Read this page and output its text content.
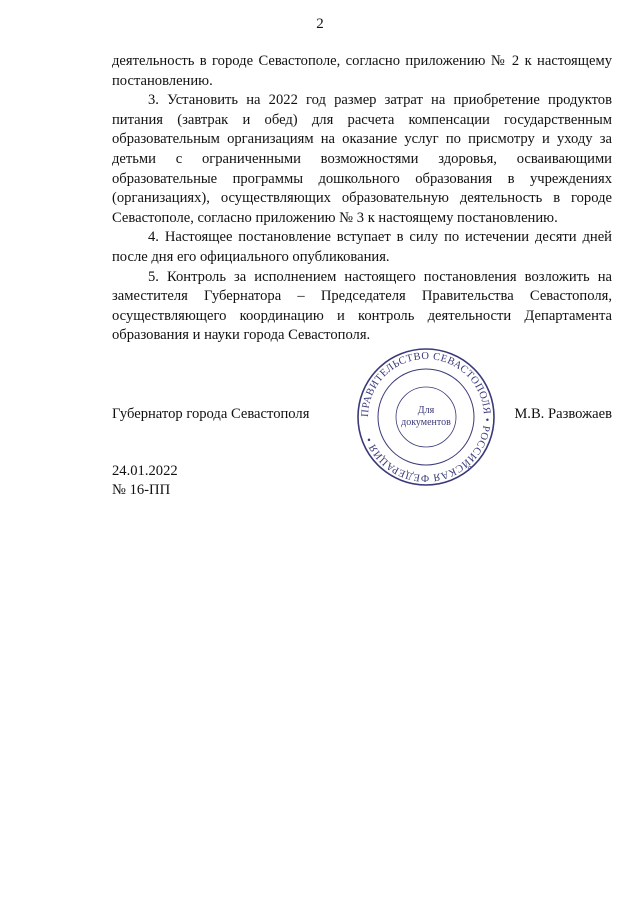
2

деятельность в городе Севастополе, согласно приложению № 2 к настоящему постановлению.

3. Установить на 2022 год размер затрат на приобретение продуктов питания (завтрак и обед) для расчета компенсации государственным образовательным организациям на оказание услуг по присмотру и уходу за детьми с ограниченными возможностями здоровья, осваивающими образовательные программы дошкольного образования в учреждениях (организациях), осуществляющих образовательную деятельность в городе Севастополе, согласно приложению № 3 к настоящему постановлению.

4. Настоящее постановление вступает в силу по истечении десяти дней после дня его официального опубликования.

5. Контроль за исполнением настоящего постановления возложить на заместителя Губернатора – Председателя Правительства Севастополя, осуществляющего координацию и контроль деятельности Департамента образования и науки города Севастополя.

ПРАВИТЕЛЬСТВО СЕВАСТОПОЛЯ • РОССИЙСКАЯ ФЕДЕРАЦИЯ •
Для
документов
Губернатор города Севастополя	М.В. Развожаев
24.01.2022
№ 16-ПП
